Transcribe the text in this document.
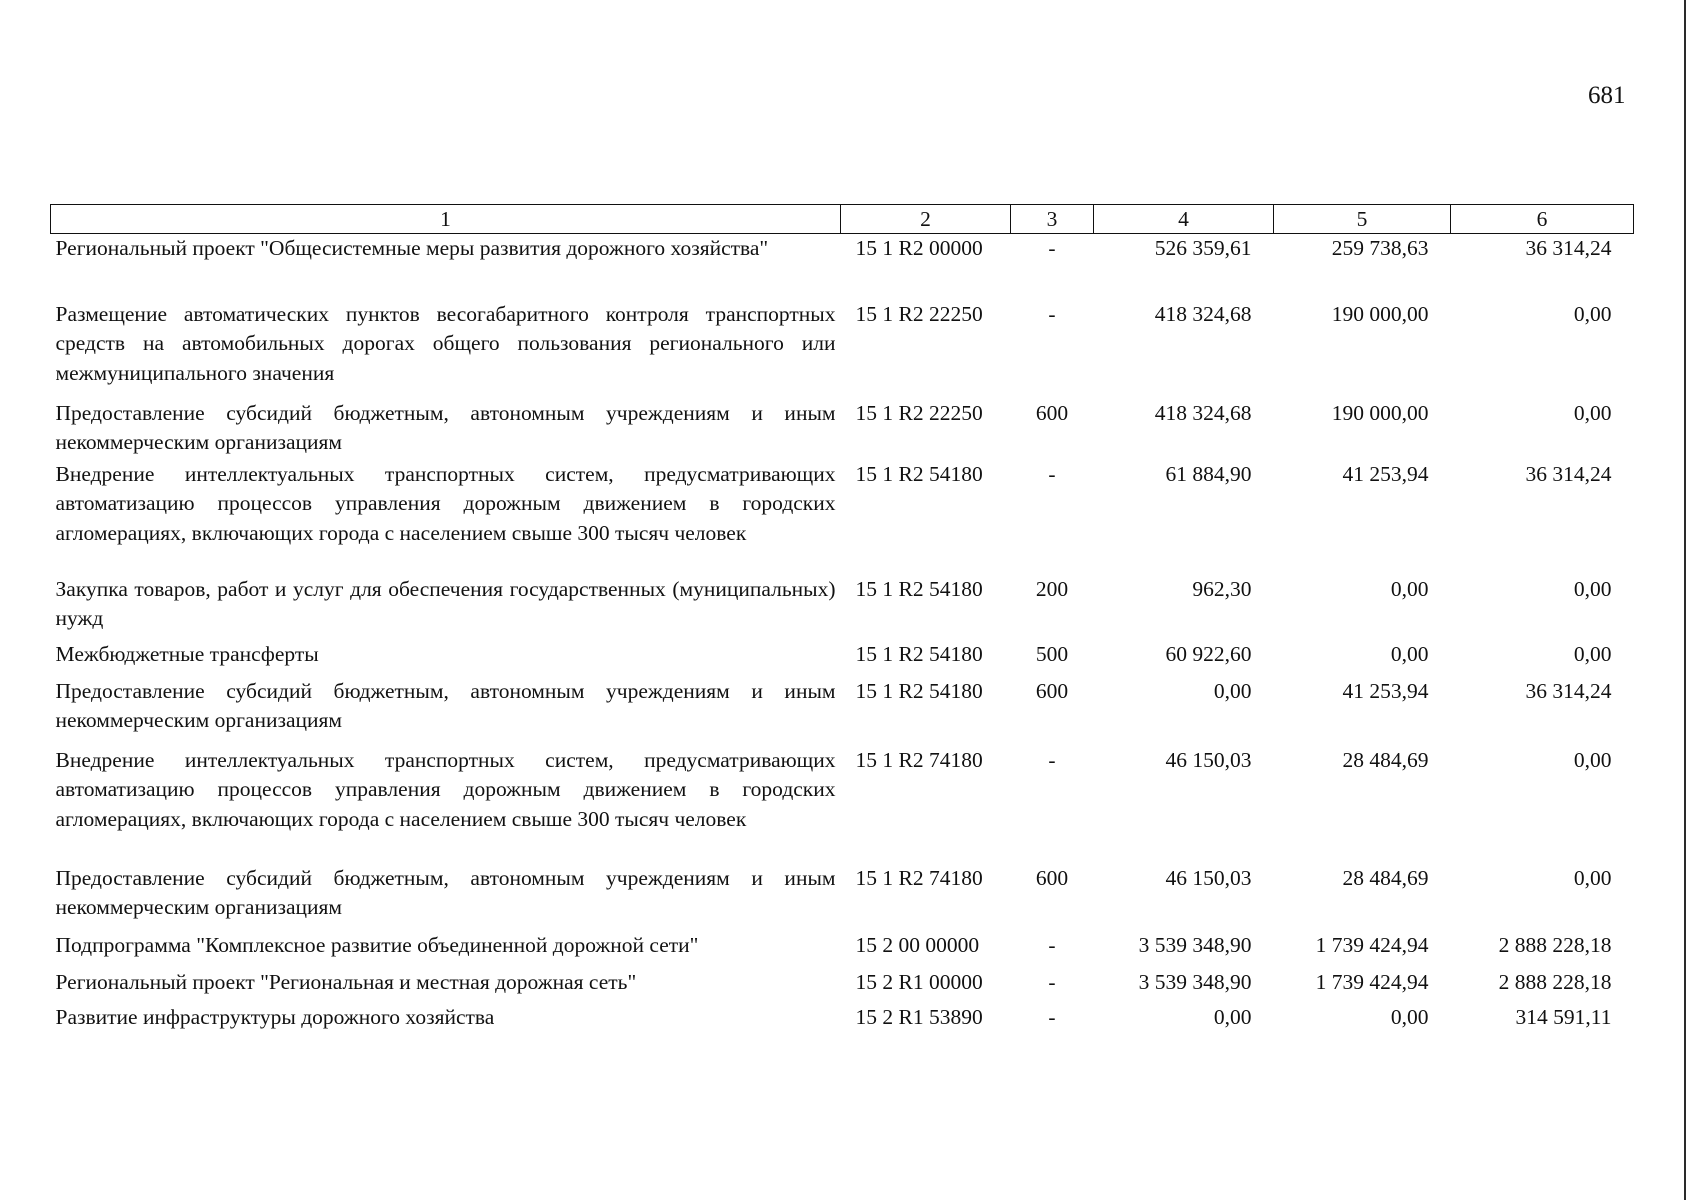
681
1	2	3	4	5	6
Региональный проект "Общесистемные меры развития дорожного хозяйства"	15 1 R2 00000	-	526 359,61	259 738,63	36 314,24
Размещение автоматических пунктов весогабаритного контроля транспортных средств на автомобильных дорогах общего пользования регионального или межмуниципального значения	15 1 R2 22250	-	418 324,68	190 000,00	0,00
Предоставление субсидий бюджетным, автономным учреждениям и иным некоммерческим организациям	15 1 R2 22250	600	418 324,68	190 000,00	0,00
Внедрение интеллектуальных транспортных систем, предусматривающих автоматизацию процессов управления дорожным движением в городских агломерациях, включающих города с населением свыше 300 тысяч человек	15 1 R2 54180	-	61 884,90	41 253,94	36 314,24
Закупка товаров, работ и услуг для обеспечения государственных (муниципальных) нужд	15 1 R2 54180	200	962,30	0,00	0,00
Межбюджетные трансферты	15 1 R2 54180	500	60 922,60	0,00	0,00
Предоставление субсидий бюджетным, автономным учреждениям и иным некоммерческим организациям	15 1 R2 54180	600	0,00	41 253,94	36 314,24
Внедрение интеллектуальных транспортных систем, предусматривающих автоматизацию процессов управления дорожным движением в городских агломерациях, включающих города с населением свыше 300 тысяч человек	15 1 R2 74180	-	46 150,03	28 484,69	0,00
Предоставление субсидий бюджетным, автономным учреждениям и иным некоммерческим организациям	15 1 R2 74180	600	46 150,03	28 484,69	0,00
Подпрограмма "Комплексное развитие объединенной дорожной сети"	15 2 00 00000	-	3 539 348,90	1 739 424,94	2 888 228,18
Региональный проект "Региональная и местная дорожная сеть"	15 2 R1 00000	-	3 539 348,90	1 739 424,94	2 888 228,18
Развитие инфраструктуры дорожного хозяйства	15 2 R1 53890	-	0,00	0,00	314 591,11
